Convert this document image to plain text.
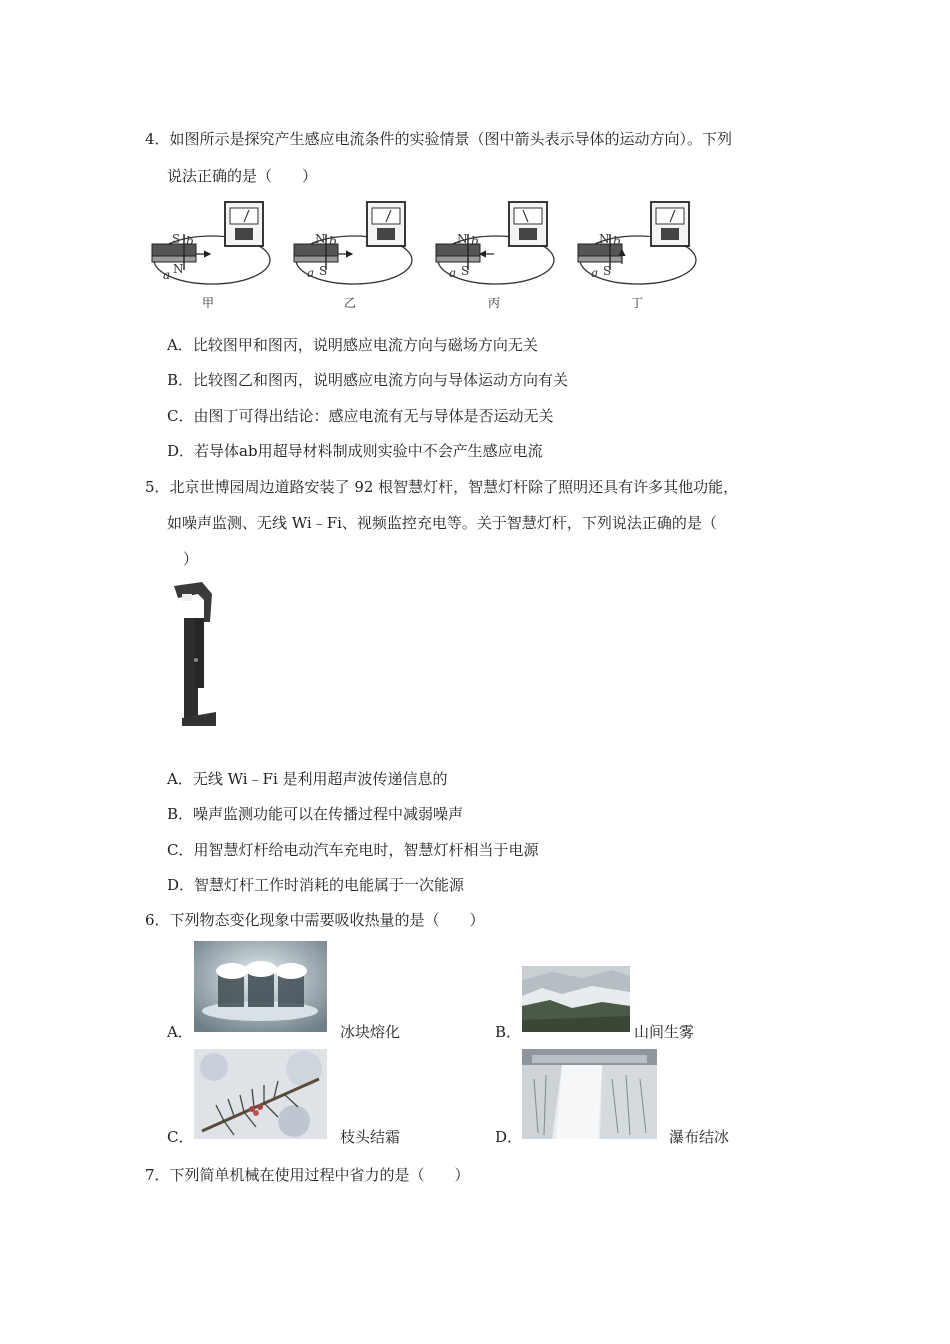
4．如图所示是探究产生感应电流条件的实验情景（图中箭头表示导体的运动方向）。下列
说法正确的是（　　）
S b
N
a
N b
S
a
N b
S
a
N b
S
a
甲	乙	丙	丁
A．比较图甲和图丙，说明感应电流方向与磁场方向无关
B．比较图乙和图丙，说明感应电流方向与导体运动方向有关
C．由图丁可得出结论：感应电流有无与导体是否运动无关
D．若导体ab用超导材料制成则实验中不会产生感应电流
5．北京世博园周边道路安装了 92 根智慧灯杆，智慧灯杆除了照明还具有许多其他功能，
如噪声监测、无线 Wi﹣Fi、视频监控充电等。关于智慧灯杆，下列说法正确的是（
）
A．无线 Wi﹣Fi 是利用超声波传递信息的
B．噪声监测功能可以在传播过程中减弱噪声
C．用智慧灯杆给电动汽车充电时，智慧灯杆相当于电源
D．智慧灯杆工作时消耗的电能属于一次能源
6．下列物态变化现象中需要吸收热量的是（　　）
A．	冰块熔化	B．	山间生雾
C．	枝头结霜	D．	瀑布结冰
7．下列简单机械在使用过程中省力的是（　　）
